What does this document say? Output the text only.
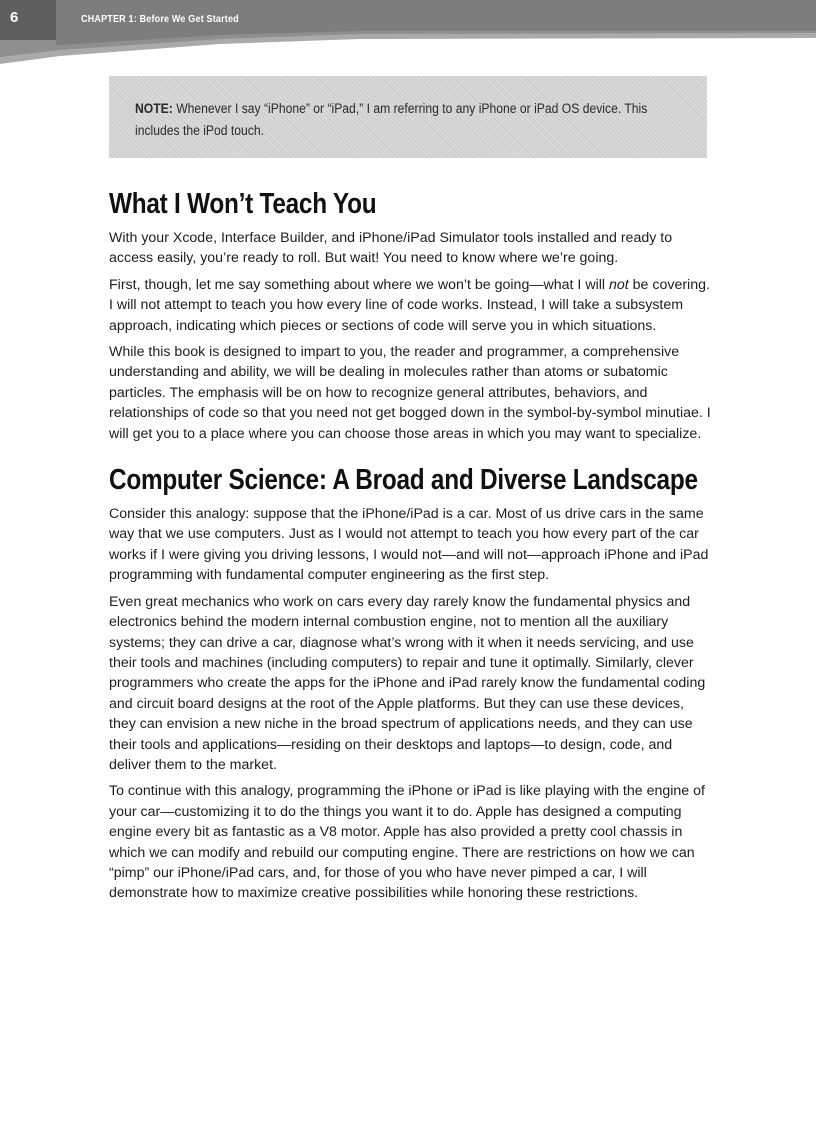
6	CHAPTER 1: Before We Get Started
NOTE: Whenever I say “iPhone” or “iPad,” I am referring to any iPhone or iPad OS device. This includes the iPod touch.
What I Won’t Teach You

With your Xcode, Interface Builder, and iPhone/iPad Simulator tools installed and ready to access easily, you’re ready to roll. But wait! You need to know where we’re going.

First, though, let me say something about where we won’t be going—what I will not be covering. I will not attempt to teach you how every line of code works. Instead, I will take a subsystem approach, indicating which pieces or sections of code will serve you in which situations.

While this book is designed to impart to you, the reader and programmer, a comprehensive understanding and ability, we will be dealing in molecules rather than atoms or subatomic particles. The emphasis will be on how to recognize general attributes, behaviors, and relationships of code so that you need not get bogged down in the symbol-by-symbol minutiae. I will get you to a place where you can choose those areas in which you may want to specialize.

Computer Science: A Broad and Diverse Landscape

Consider this analogy: suppose that the iPhone/iPad is a car. Most of us drive cars in the same way that we use computers. Just as I would not attempt to teach you how every part of the car works if I were giving you driving lessons, I would not—and will not—approach iPhone and iPad programming with fundamental computer engineering as the first step.

Even great mechanics who work on cars every day rarely know the fundamental physics and electronics behind the modern internal combustion engine, not to mention all the auxiliary systems; they can drive a car, diagnose what’s wrong with it when it needs servicing, and use their tools and machines (including computers) to repair and tune it optimally. Similarly, clever programmers who create the apps for the iPhone and iPad rarely know the fundamental coding and circuit board designs at the root of the Apple platforms. But they can use these devices, they can envision a new niche in the broad spectrum of applications needs, and they can use their tools and applications—residing on their desktops and laptops—to design, code, and deliver them to the market.

To continue with this analogy, programming the iPhone or iPad is like playing with the engine of your car—customizing it to do the things you want it to do. Apple has designed a computing engine every bit as fantastic as a V8 motor. Apple has also provided a pretty cool chassis in which we can modify and rebuild our computing engine. There are restrictions on how we can “pimp” our iPhone/iPad cars, and, for those of you who have never pimped a car, I will demonstrate how to maximize creative possibilities while honoring these restrictions.
